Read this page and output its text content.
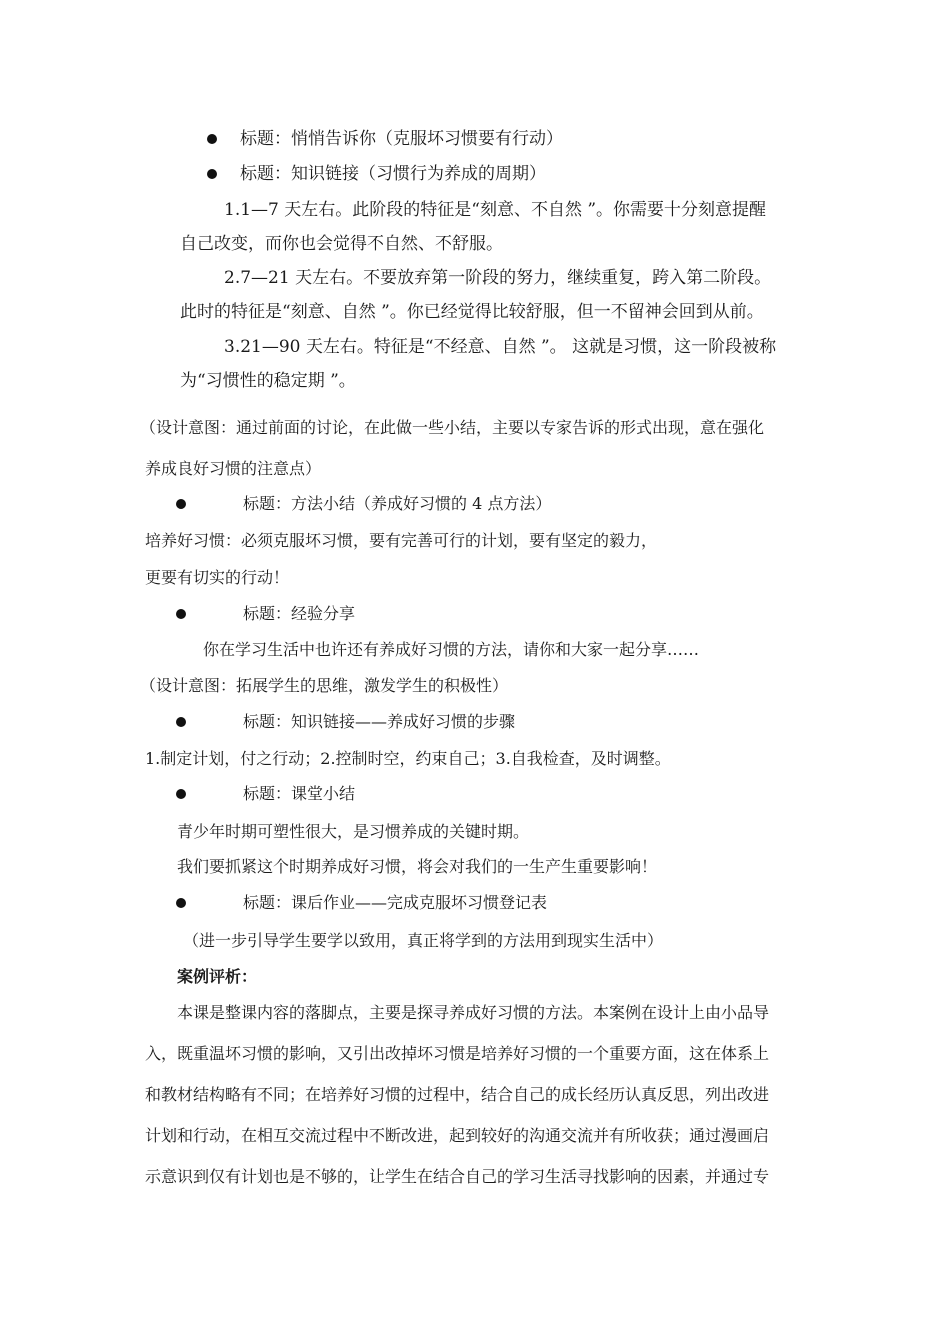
标题：悄悄告诉你（克服坏习惯要有行动）
标题：知识链接（习惯行为养成的周期）
1.1—7 天左右。此阶段的特征是“刻意、不自然 ”。你需要十分刻意提醒
自己改变，而你也会觉得不自然、不舒服。
2.7—21 天左右。不要放弃第一阶段的努力，继续重复，跨入第二阶段。
此时的特征是“刻意、自然 ”。你已经觉得比较舒服，但一不留神会回到从前。
3.21—90 天左右。特征是“不经意、自然 ”。 这就是习惯，这一阶段被称
为“习惯性的稳定期 ”。
（设计意图：通过前面的讨论，在此做一些小结，主要以专家告诉的形式出现，意在强化
养成良好习惯的注意点）
标题：方法小结（养成好习惯的 4 点方法）
培养好习惯：必须克服坏习惯，要有完善可行的计划，要有坚定的毅力，
更要有切实的行动！
标题：经验分享
你在学习生活中也许还有养成好习惯的方法，请你和大家一起分享……
（设计意图：拓展学生的思维，激发学生的积极性）
标题：知识链接——养成好习惯的步骤
1.制定计划，付之行动；2.控制时空，约束自己；3.自我检查，及时调整。
标题：课堂小结
青少年时期可塑性很大，是习惯养成的关键时期。
我们要抓紧这个时期养成好习惯，将会对我们的一生产生重要影响！
标题：课后作业——完成克服坏习惯登记表
（进一步引导学生要学以致用，真正将学到的方法用到现实生活中）
案例评析：
本课是整课内容的落脚点，主要是探寻养成好习惯的方法。本案例在设计上由小品导
入，既重温坏习惯的影响，又引出改掉坏习惯是培养好习惯的一个重要方面，这在体系上
和教材结构略有不同；在培养好习惯的过程中，结合自己的成长经历认真反思，列出改进
计划和行动，在相互交流过程中不断改进，起到较好的沟通交流并有所收获；通过漫画启
示意识到仅有计划也是不够的，让学生在结合自己的学习生活寻找影响的因素，并通过专
